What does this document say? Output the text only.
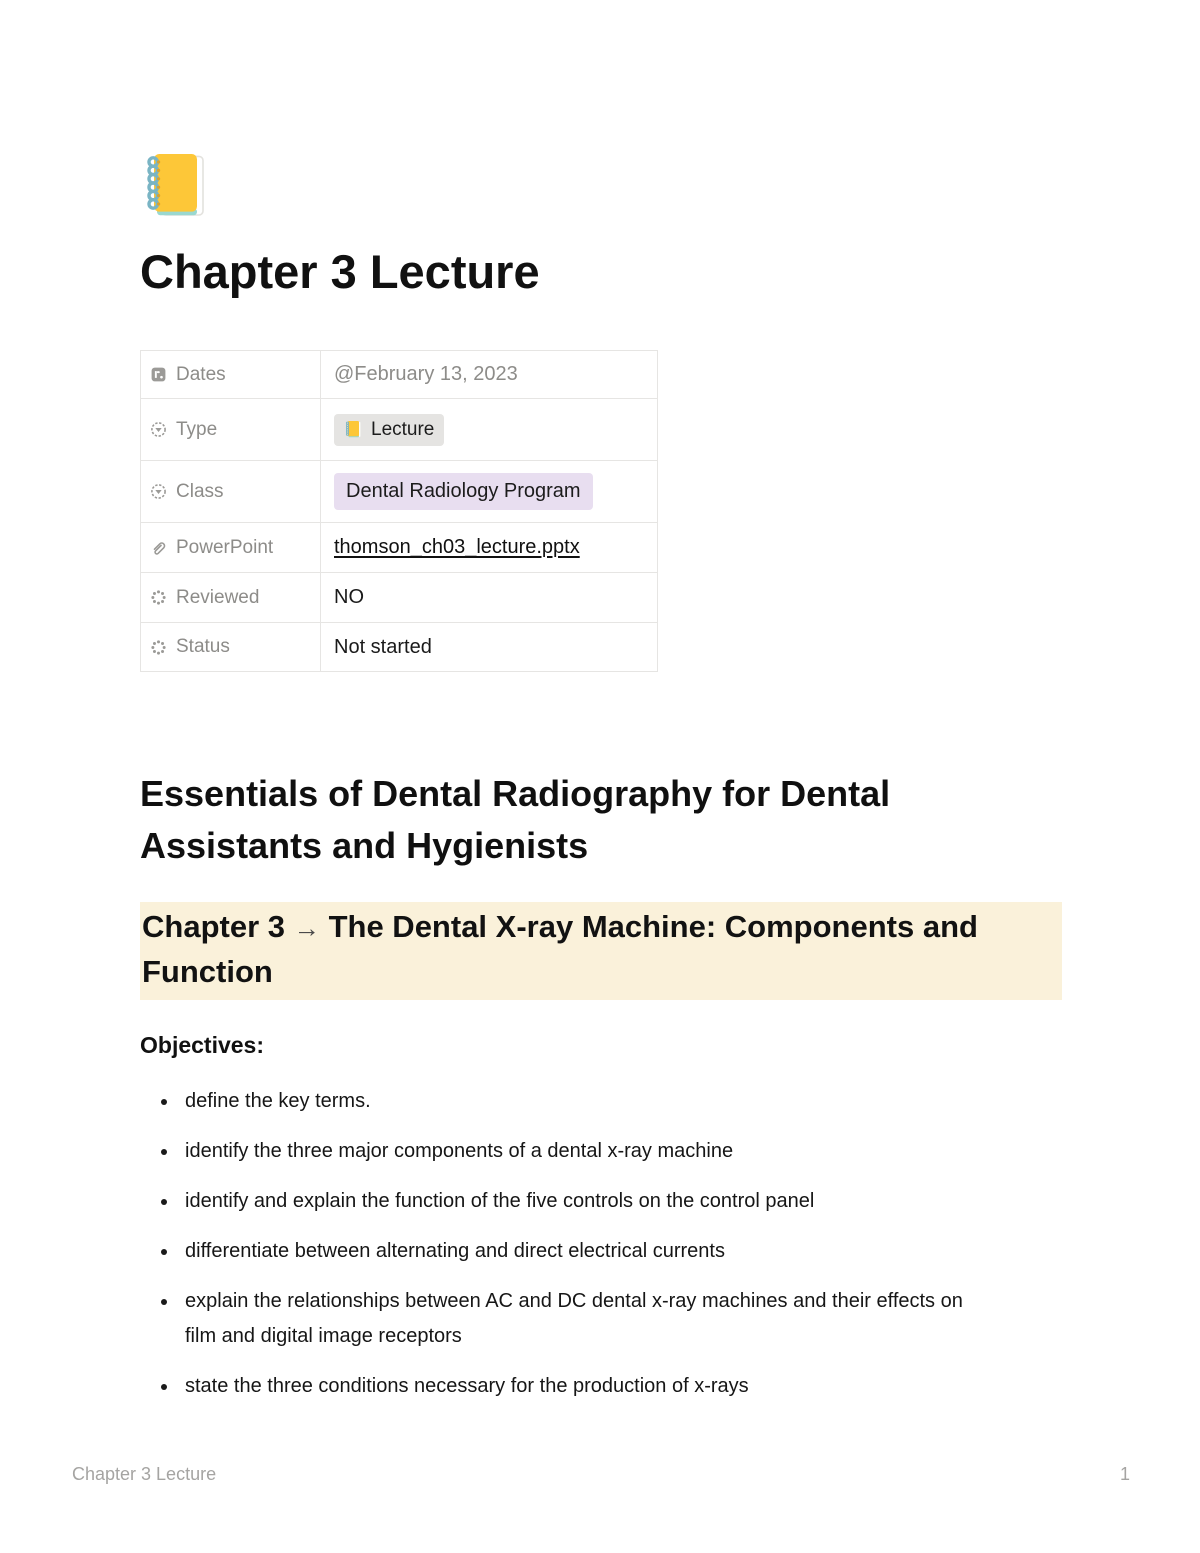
Chapter 3 Lecture
Dates	@February 13, 2023
Type	Lecture
Class	Dental Radiology Program
PowerPoint	thomson_ch03_lecture.pptx
Reviewed	NO
Status	Not started
Essentials of Dental Radiography for Dental Assistants and Hygienists
Chapter 3 → The Dental X-ray Machine: Components and Function
Objectives:
define the key terms.
identify the three major components of a dental x-ray machine
identify and explain the function of the five controls on the control panel
differentiate between alternating and direct electrical currents
explain the relationships between AC and DC dental x-ray machines and their effects on film and digital image receptors
state the three conditions necessary for the production of x-rays
Chapter 3 Lecture	1
